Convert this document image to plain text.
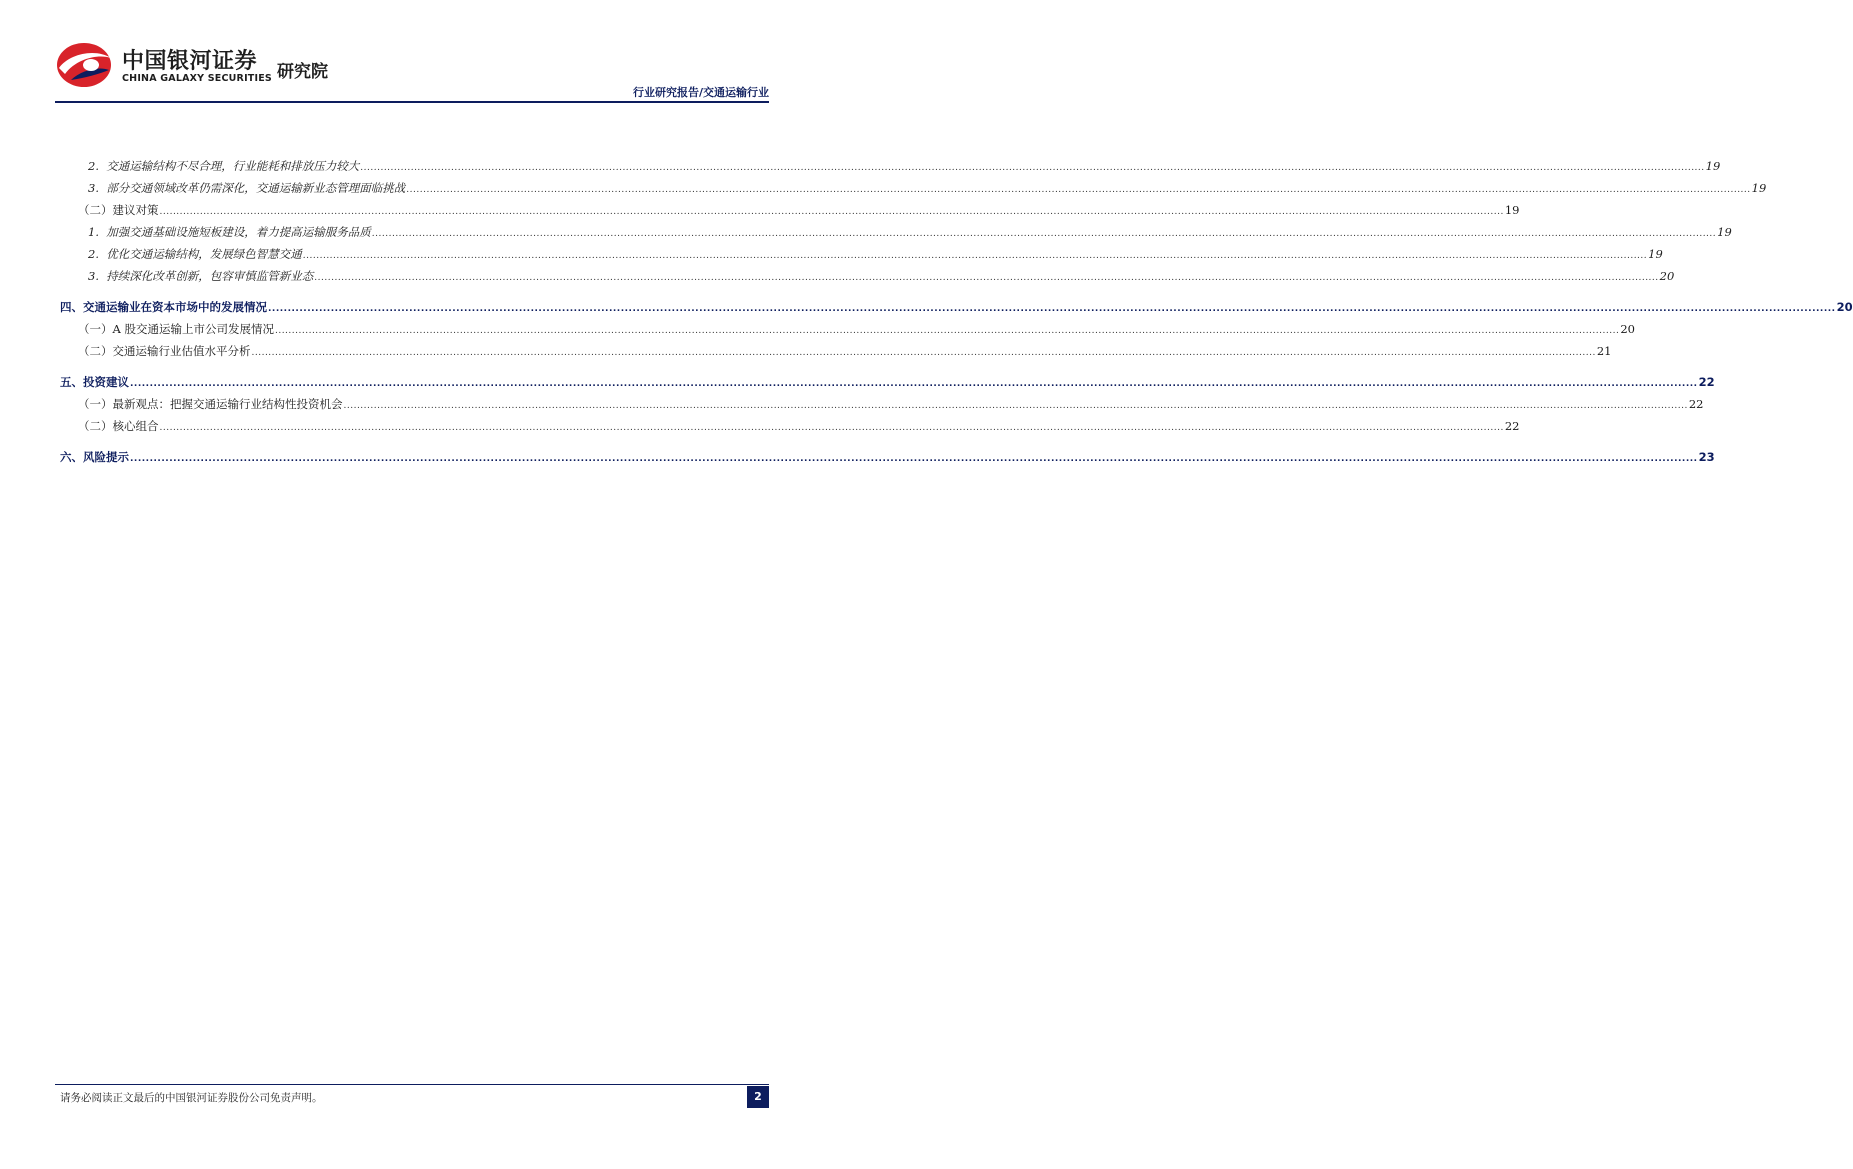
中国银河证券
CHINA GALAXY SECURITIES 研究院
行业研究报告/交通运输行业
2.
交通运输结构不尽合理，行业能耗和排放压力较大 ................................................................................................................................................................................................................................................................................................................................................................................................................ 19
3.
部分交通领域改革仍需深化，交通运输新业态管理面临挑战 ................................................................................................................................................................................................................................................................................................................................................................................................................ 19
（二）建议对策 ................................................................................................................................................................................................................................................................................................................................................................................................................ 19
1.
加强交通基础设施短板建设，着力提高运输服务品质 ................................................................................................................................................................................................................................................................................................................................................................................................................ 19
2.
优化交通运输结构，发展绿色智慧交通 ................................................................................................................................................................................................................................................................................................................................................................................................................ 19
3.
持续深化改革创新，包容审慎监管新业态 ................................................................................................................................................................................................................................................................................................................................................................................................................ 20
四、交通运输业在资本市场中的发展情况 ................................................................................................................................................................................................................................................................................................................................................................................................................ 20
（一）A 股交通运输上市公司发展情况 ................................................................................................................................................................................................................................................................................................................................................................................................................ 20
（二）交通运输行业估值水平分析 ................................................................................................................................................................................................................................................................................................................................................................................................................ 21
五、投资建议 ................................................................................................................................................................................................................................................................................................................................................................................................................ 22
（一）最新观点：把握交通运输行业结构性投资机会 ................................................................................................................................................................................................................................................................................................................................................................................................................ 22
（二）核心组合 ................................................................................................................................................................................................................................................................................................................................................................................................................ 22
六、风险提示 ................................................................................................................................................................................................................................................................................................................................................................................................................ 23
请务必阅读正文最后的中国银河证券股份公司免责声明。	2
